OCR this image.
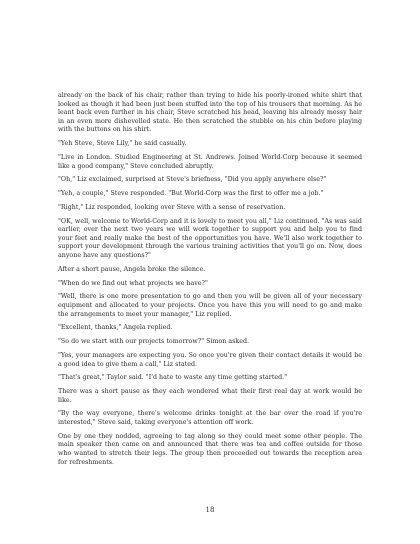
already on the back of his chair, rather than trying to hide his poorly-ironed white shirt that looked as though it had been just been stuffed into the top of his trousers that morning. As he leant back even further in his chair, Steve scratched his head, leaving his already messy hair in an even more dishevelled state. He then scratched the stubble on his chin before playing with the buttons on his shirt.

"Yeh Steve, Steve Lily," he said casually.

"Live in London. Studied Engineering at St. Andrews. Joined World-Corp because it seemed like a good company," Steve concluded abruptly.

"Oh," Liz exclaimed, surprised at Steve's briefness, "Did you apply anywhere else?"

"Yeh, a couple," Steve responded. "But World-Corp was the first to offer me a job."

"Right," Liz responded, looking over Steve with a sense of reservation.

"OK, well, welcome to World-Corp and it is lovely to meet you all," Liz continued. "As was said earlier, over the next two years we will work together to support you and help you to find your feet and really make the best of the opportunities you have. We'll also work together to support your development through the various training activities that you'll go on. Now, does anyone have any questions?"

After a short pause, Angela broke the silence.

"When do we find out what projects we have?"

"Well, there is one more presentation to go and then you will be given all of your necessary equipment and allocated to your projects. Once you have this you will need to go and make the arrangements to meet your manager," Liz replied.

"Excellent, thanks," Angela replied.

"So do we start with our projects tomorrow?" Simon asked.

"Yes, your managers are expecting you. So once you're given their contact details it would be a good idea to give them a call," Liz stated.

"That's great," Taylor said. "I'd hate to waste any time getting started."

There was a short pause as they each wondered what their first real day at work would be like.

"By the way everyone, there's welcome drinks tonight at the bar over the road if you're interested," Steve said, taking everyone's attention off work.

One by one they nodded, agreeing to tag along so they could meet some other people. The main speaker then came on and announced that there was tea and coffee outside for those who wanted to stretch their legs. The group then proceeded out towards the reception area for refreshments.

18
